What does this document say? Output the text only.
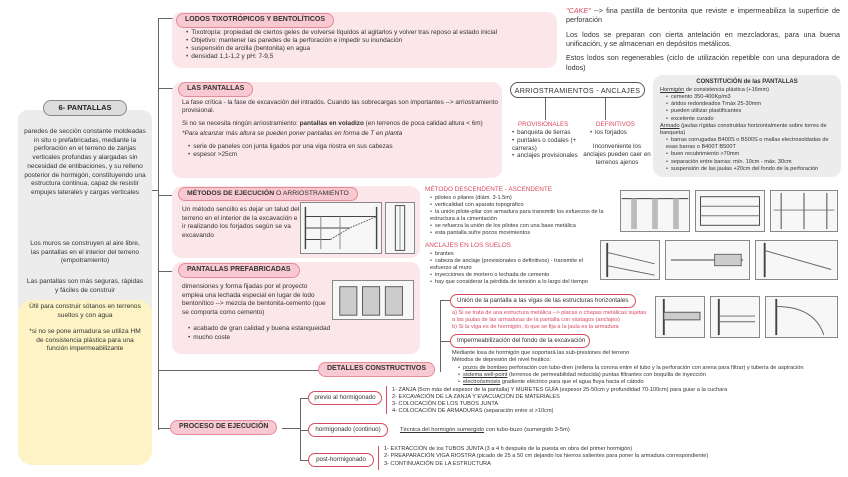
6- PANTALLAS
paredes de sección constante moldeadas in situ o prefabricadas, mediante la perforación en el terreno de zanjas verticales profundas y alargadas sin necesidad de entibaciones, y su relleno posterior de hormigón, constituyendo una estructura continua, capaz de resistir empujes laterales y cargas verticales
Los muros se construyen al aire libre, las pantallas en el interior del terreno (empotramiento)
Las pantallas son más seguras, rápidas y fáciles de construir
Útil para construir sótanos en terrenos sueltos y con agua
*si no se pone armadura se utiliza HM de consistencia plástica para una función impermeabilizante
LODOS TIXOTRÓPICOS Y BENTOLÍTICOS
• Tixotropía: propiedad de ciertos geles de volverse líquidos al agitarlos y volver tras reposo al estado inicial
• Objetivo: mantener las paredes de la perforación e impedir su inundación
• suspensión de arcilla (bentonita) en agua
• densidad 1,1-1,2 y pH: 7-9,5
"CAKE" --> fina pastilla de bentonita que reviste e impermeabiliza la superficie de perforación
Los lodos se preparan con cierta antelación en mezcladoras, para una buena unificación, y se almacenan en depósitos metálicos.
Estos lodos son regenerables (ciclo de utilización repetible con una depuradora de lodos)
LAS PANTALLAS
La fase crítica - la fase de excavación del intradós. Cuando las sobrecargas son importantes --> arriostramiento provisional.
Si no se necesita ningún arriostramiento: pantallas en voladizo (en terrenos de poca calidad altura < 6m)
*Para alcanzar más altura se pueden poner pantallas en forma de T en planta
• serie de paneles con junta ligados por una viga riostra en sus cabezas
• espesor >25cm
ARRIOSTRAMIENTOS - ANCLAJES
PROVISIONALES
• banqueta de tierras
• puntales o codales (+ carreras)
• anclajes provisionales
DEFINITIVOS
• los forjados
Inconveniente los anclajes pueden caer en terrenos ajenos
CONSTITUCIÓN de las PANTALLAS
Hormigón de consistencia plástica (+16mm)
• cemento 350-400Kp/m3
• áridos redondeados Tmáx 25-30mm
• pueden utilizar plastificantes
• excelente curado
Armado (jaulas rígidas construidas horizontalmente sobre torres de banqueta)
• barras corrugadas B400S o B500S o mallas electrosoldadas de esas barras o B400T B500T
• buen recubrimiento >70mm
• separación entre barras: mín. 10cm - máx. 30cm
• suspensión de las jaulas +20cm del fondo de la perforación
MÉTODOS DE EJECUCIÓN O ARRIOSTRAMIENTO
Un método sencillo es dejar un talud del terreno en el interior de la excavación e ir realizando los forjados según se va excavando
MÉTODO DESCENDENTE - ASCENDENTE
• pilotes o pilares (diám. 3-1.5m)
• verticalidad con aparato topográfico
• la unión pilote-pilar con armadura para transmitir los esfuerzos de la estructura a la cimentación
• se refuerza la unión de los pilotes con una base metálica
• esta pantalla sufre pocos movimientos
ANCLAJES EN LOS SUELOS
• brantes
• cabeza de anclaje (provisionales o definitivos) - transmite el esfuerzo al muro
• inyecciones de mortero o lechada de cemento
• hay que considerar la pérdida de tensión a lo largo del tiempo
PANTALLAS PREFABRICADAS
dimensiones y forma fijadas por el proyecto emplea una lechada especial en lugar de lodo bentonítico --> mezcla de bentonita-cemento (que se comporta como cemento)
• acabado de gran calidad y buena estanqueidad
• mucho coste
Unión de la pantalla a las vigas de las estructuras horizontales
a) Si se trata de una estructura metálica --> placas o chapas metálicas sujetas a las jaulas de las armaduras de la pantalla con vástagos (anclajes)
b) Si la viga es de hormigón, lo que se fija a la jaula es la armadura
Impermeabilización del fondo de la excavación
Mediante losa de hormigón que soportará las sub-presiones del terreno
Métodos de depresión del nivel freático:
• pozos de bombeo perforación con tubo-dren (rellena la corona entre el tubo y la perforación con arena para filtrar) y tubería de aspiración
• sistema well-point (terrenos de permeabilidad reducida) puntas filtrantes con boquilla de inyección
• electroósmosis gradiente eléctrico para que el agua fluya hacia el cátodo
DETALLES CONSTRUCTIVOS
PROCESO DE EJECUCIÓN
previo al hormigonado
1- ZANJA (5cm más del espesor de la pantalla) Y MURETES GUÍA (espesor 25-50cm y profundidad 70-100cm) para guiar a la cuchara
2- EXCAVACIÓN DE LA ZANJA Y EVACUACIÓN DE MATERIALES
3- COLOCACIÓN DE LOS TUBOS JUNTA
4- COLOCACIÓN DE ARMADURAS (separación entre si >10cm)
hormigonado (continuo)	Técnica del hormigón sumergido con tubo-buzo (sumergido 3-5m)
post-hormigonado
1- EXTRACCIÓN de los TUBOS JUNTA (3 a 4 h después de la puesta en obra del primer hormigón)
2- PREAPARACIÓN VIGA RIOSTRA (picado de 25 a 50 cm dejando los hierros salientes para poner la armadura correspondiente)
3- CONTINUACIÓN DE LA ESTRUCTURA
